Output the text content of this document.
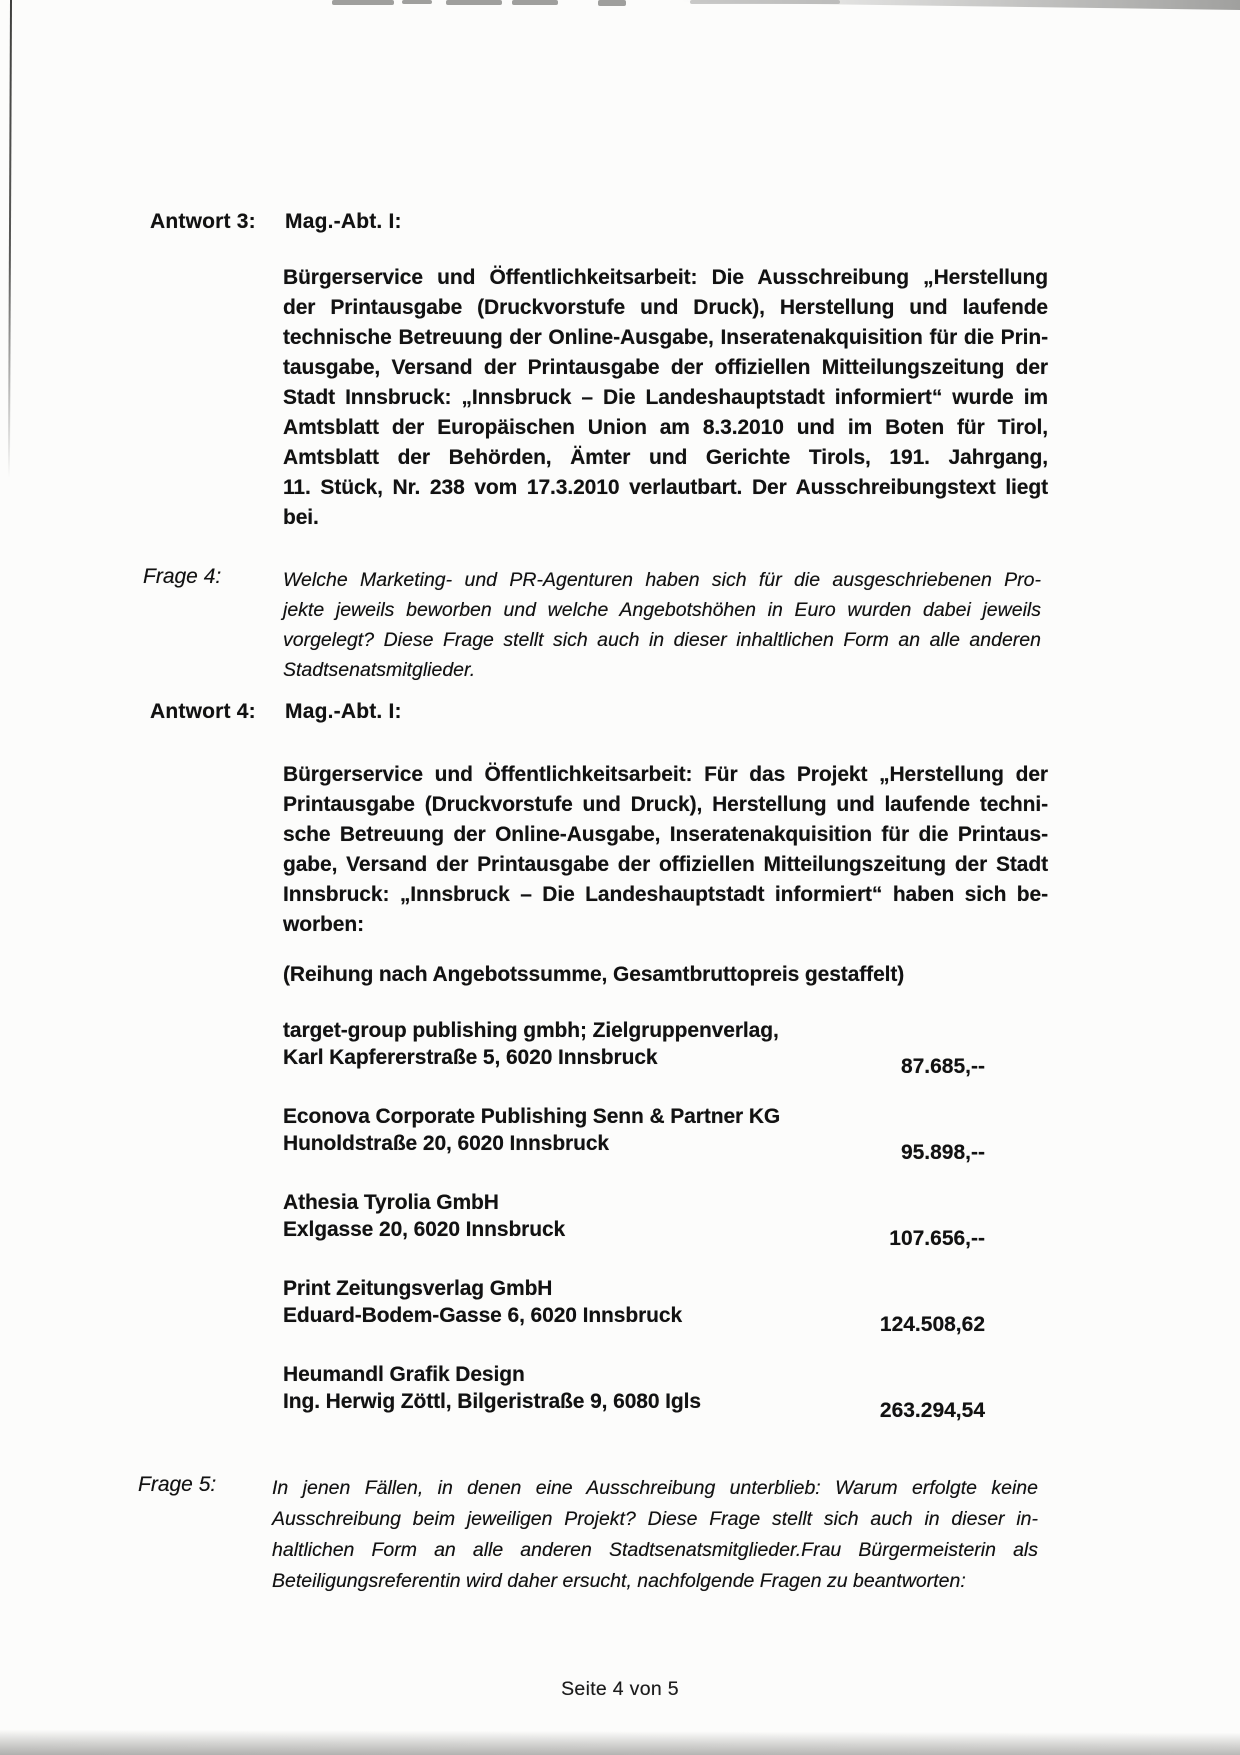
Antwort 3: Mag.-Abt. I:
Bürgerservice und Öffentlichkeitsarbeit: Die Ausschreibung „Herstellung
der Printausgabe (Druckvorstufe und Druck), Herstellung und laufende
technische Betreuung der Online-Ausgabe, Inseratenakquisition für die Prin-
tausgabe, Versand der Printausgabe der offiziellen Mitteilungszeitung der
Stadt Innsbruck: „Innsbruck – Die Landeshauptstadt informiert“ wurde im
Amtsblatt der Europäischen Union am 8.3.2010 und im Boten für Tirol,
Amtsblatt der Behörden, Ämter und Gerichte Tirols, 191. Jahrgang,
11. Stück, Nr. 238 vom 17.3.2010 verlautbart. Der Ausschreibungstext liegt
bei.
Frage 4:	Welche Marketing- und PR-Agenturen haben sich für die ausgeschriebenen Pro-
jekte jeweils beworben und welche Angebotshöhen in Euro wurden dabei jeweils
vorgelegt? Diese Frage stellt sich auch in dieser inhaltlichen Form an alle anderen
Stadtsenatsmitglieder.
Antwort 4: Mag.-Abt. I:
Bürgerservice und Öffentlichkeitsarbeit: Für das Projekt „Herstellung der
Printausgabe (Druckvorstufe und Druck), Herstellung und laufende techni-
sche Betreuung der Online-Ausgabe, Inseratenakquisition für die Printaus-
gabe, Versand der Printausgabe der offiziellen Mitteilungszeitung der Stadt
Innsbruck: „Innsbruck – Die Landeshauptstadt informiert“ haben sich be-
worben:
(Reihung nach Angebotssumme, Gesamtbruttopreis gestaffelt)
target-group publishing gmbh; Zielgruppenverlag,
Karl Kapfererstraße 5, 6020 Innsbruck	87.685,--
Econova Corporate Publishing Senn & Partner KG
Hunoldstraße 20, 6020 Innsbruck	95.898,--
Athesia Tyrolia GmbH
Exlgasse 20, 6020 Innsbruck	107.656,--
Print Zeitungsverlag GmbH
Eduard-Bodem-Gasse 6, 6020 Innsbruck	124.508,62
Heumandl Grafik Design
Ing. Herwig Zöttl, Bilgeristraße 9, 6080 Igls	263.294,54
Frage 5:	In jenen Fällen, in denen eine Ausschreibung unterblieb: Warum erfolgte keine
Ausschreibung beim jeweiligen Projekt? Diese Frage stellt sich auch in dieser in-
haltlichen Form an alle anderen Stadtsenatsmitglieder.Frau Bürgermeisterin als
Beteiligungsreferentin wird daher ersucht, nachfolgende Fragen zu beantworten:
Seite 4 von 5
